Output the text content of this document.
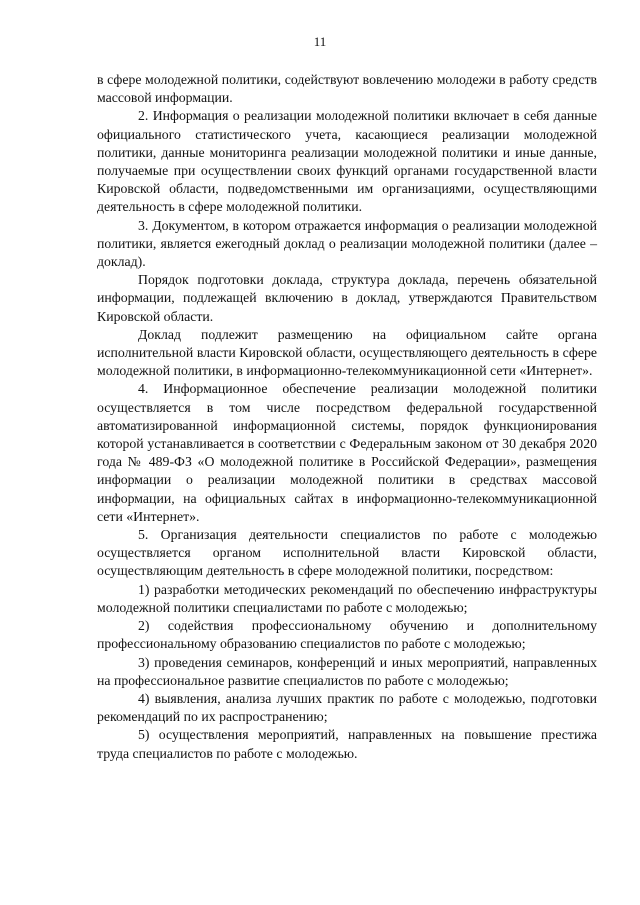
11

в сфере молодежной политики, содействуют вовлечению молодежи в работу средств массовой информации.

2. Информация о реализации молодежной политики включает в себя данные официального статистического учета, касающиеся реализации молодежной политики, данные мониторинга реализации молодежной политики и иные данные, получаемые при осуществлении своих функций органами государственной власти Кировской области, подведомственными им организациями, осуществляющими деятельность в сфере молодежной политики.

3. Документом, в котором отражается информация о реализации молодежной политики, является ежегодный доклад о реализации молодежной политики (далее – доклад).

Порядок подготовки доклада, структура доклада, перечень обязательной информации, подлежащей включению в доклад, утверждаются Правительством Кировской области.

Доклад подлежит размещению на официальном сайте органа исполнительной власти Кировской области, осуществляющего деятельность в сфере молодежной политики, в информационно-телекоммуникационной сети «Интернет».

4. Информационное обеспечение реализации молодежной политики осуществляется в том числе посредством федеральной государственной автоматизированной информационной системы, порядок функционирования которой устанавливается в соответствии с Федеральным законом от 30 декабря 2020 года № 489-ФЗ «О молодежной политике в Российской Федерации», размещения информации о реализации молодежной политики в средствах массовой информации, на официальных сайтах в информационно-телекоммуникационной сети «Интернет».

5. Организация деятельности специалистов по работе с молодежью осуществляется органом исполнительной власти Кировской области, осуществляющим деятельность в сфере молодежной политики, посредством:

1) разработки методических рекомендаций по обеспечению инфраструктуры молодежной политики специалистами по работе с молодежью;

2) содействия профессиональному обучению и дополнительному профессиональному образованию специалистов по работе с молодежью;

3) проведения семинаров, конференций и иных мероприятий, направленных на профессиональное развитие специалистов по работе с молодежью;

4) выявления, анализа лучших практик по работе с молодежью, подготовки рекомендаций по их распространению;

5) осуществления мероприятий, направленных на повышение престижа труда специалистов по работе с молодежью.
